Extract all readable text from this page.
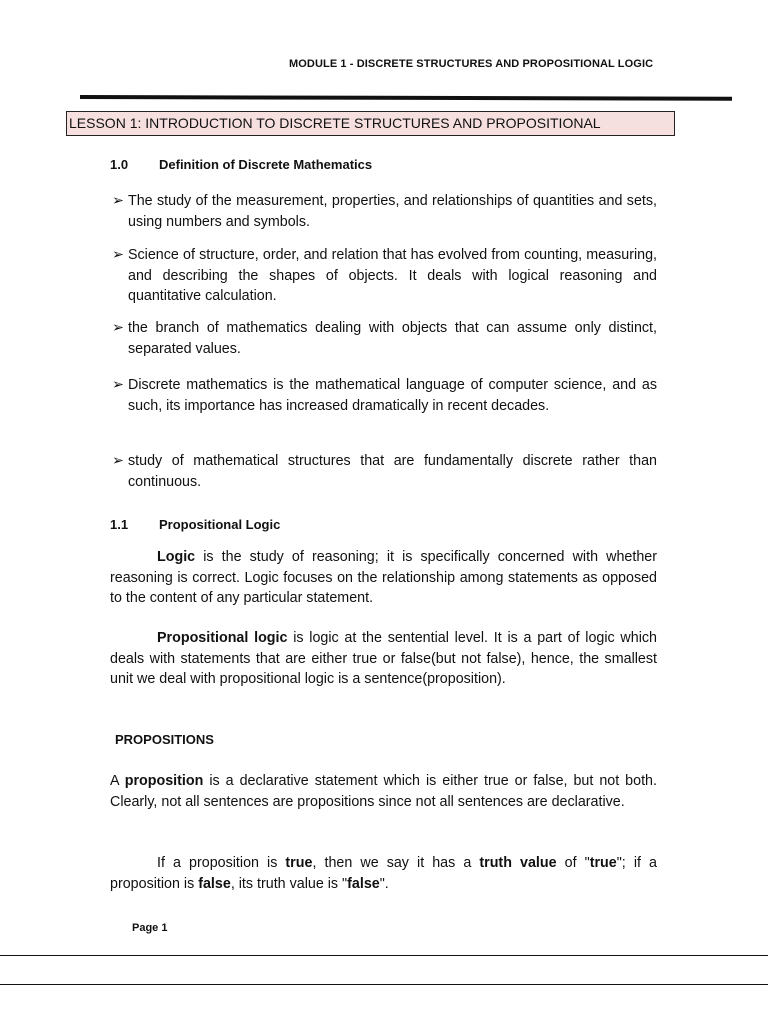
MODULE 1 - DISCRETE STRUCTURES AND PROPOSITIONAL LOGIC
LESSON 1: INTRODUCTION TO DISCRETE STRUCTURES AND PROPOSITIONAL
1.0 Definition of Discrete Mathematics
➢ The study of the measurement, properties, and relationships of quantities and sets, using numbers and symbols.
➢ Science of structure, order, and relation that has evolved from counting, measuring, and describing the shapes of objects. It deals with logical reasoning and quantitative calculation.
➢ the branch of mathematics dealing with objects that can assume only distinct, separated values.
➢ Discrete mathematics is the mathematical language of computer science, and as such, its importance has increased dramatically in recent decades.
➢ study of mathematical structures that are fundamentally discrete rather than continuous.
1.1 Propositional Logic
Logic is the study of reasoning; it is specifically concerned with whether reasoning is correct. Logic focuses on the relationship among statements as opposed to the content of any particular statement.
Propositional logic is logic at the sentential level. It is a part of logic which deals with statements that are either true or false(but not false), hence, the smallest unit we deal with propositional logic is a sentence(proposition).
PROPOSITIONS
A proposition is a declarative statement which is either true or false, but not both. Clearly, not all sentences are propositions since not all sentences are declarative.
If a proposition is true, then we say it has a truth value of "true"; if a proposition is false, its truth value is "false".
Page 1
